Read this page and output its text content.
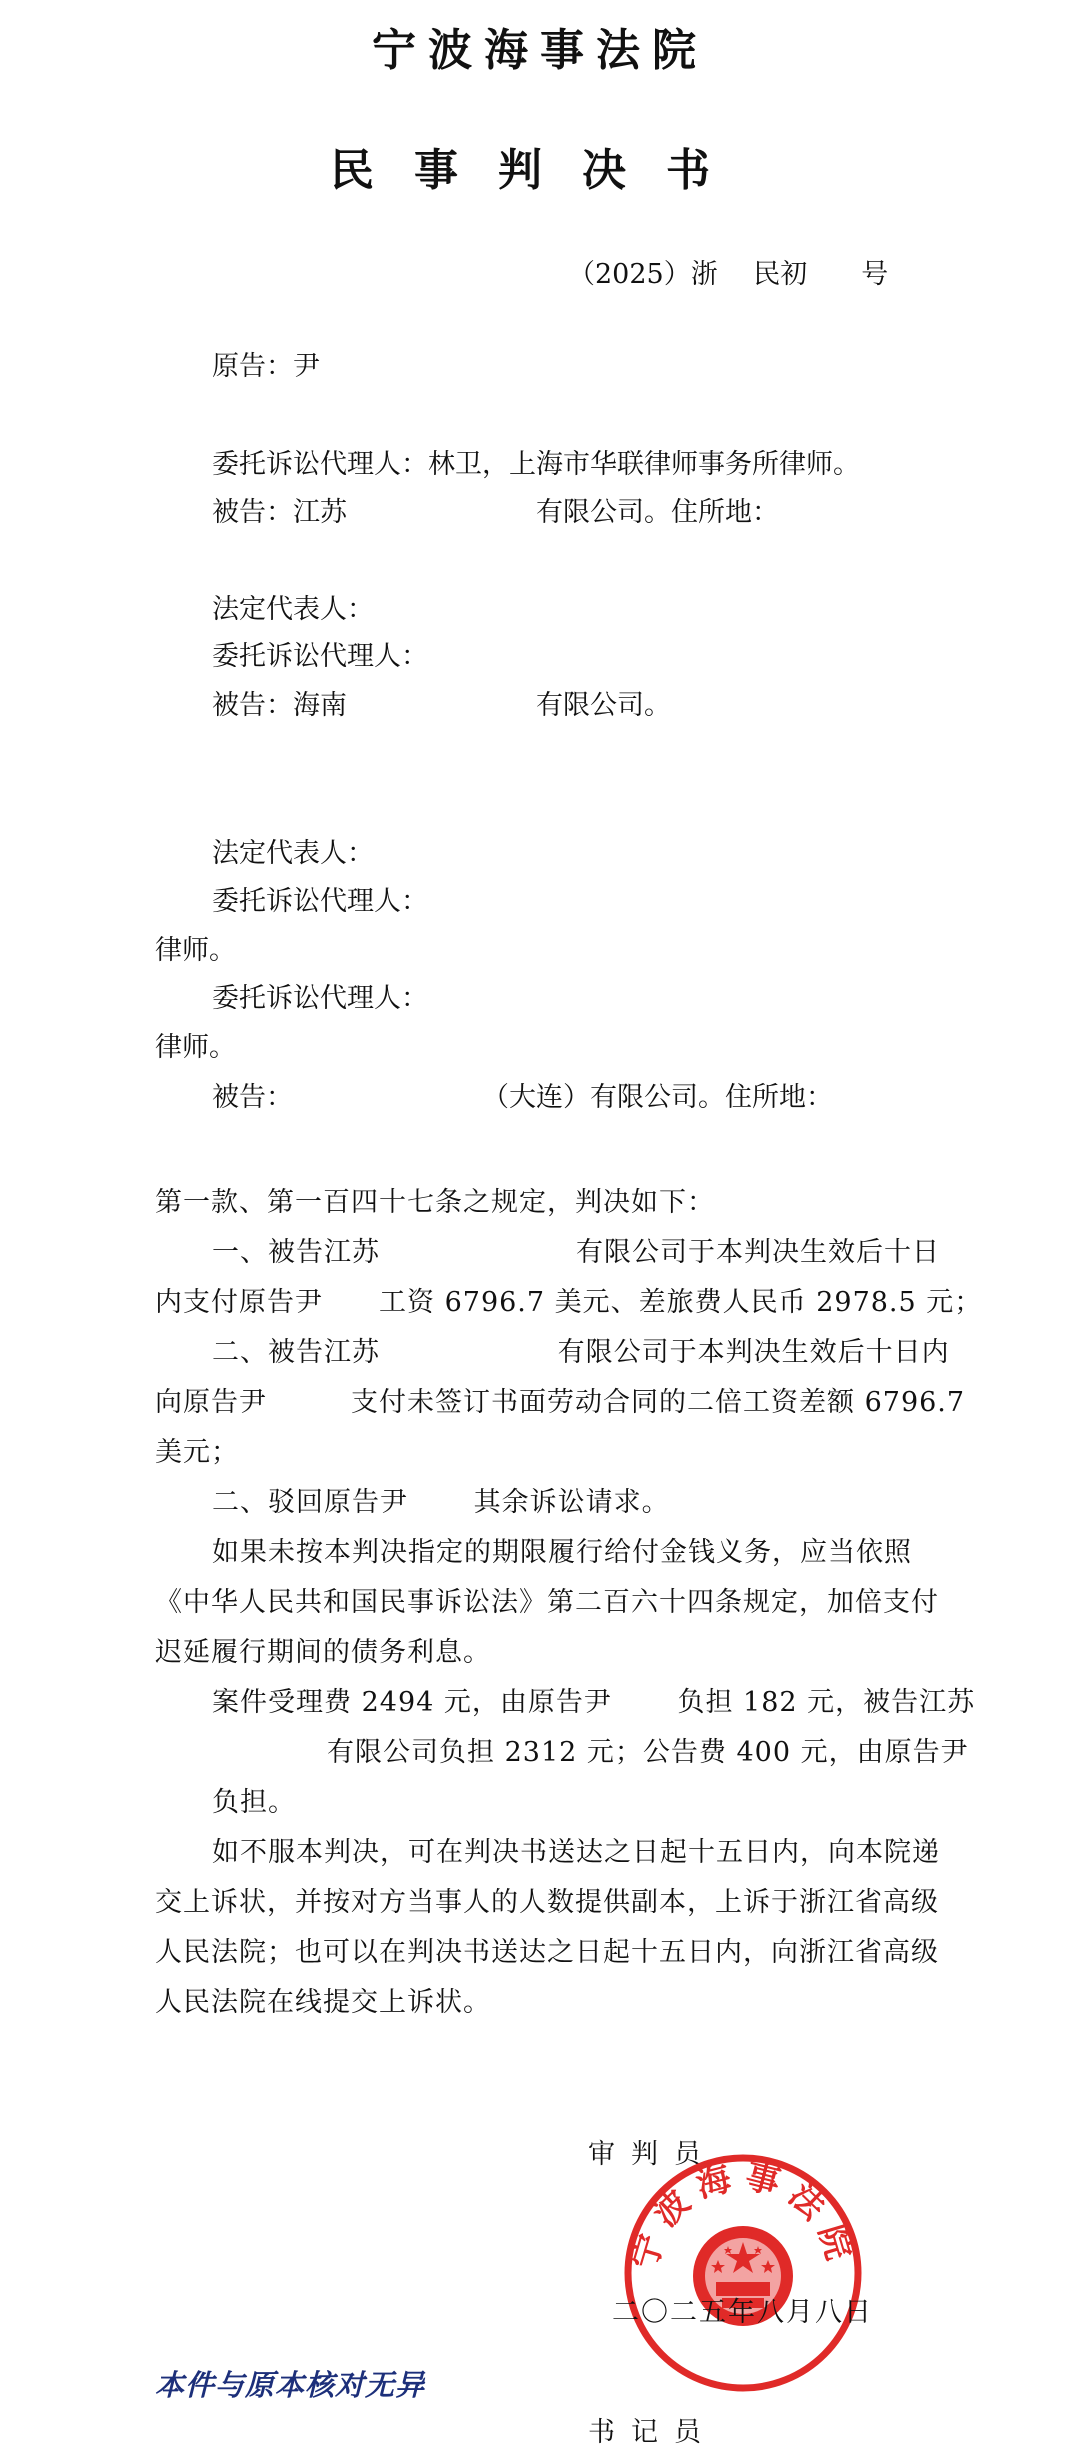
宁波海事法院
民事判决书
（2025）浙　 民初　　号
原告：尹
委托诉讼代理人：林卫，上海市华联律师事务所律师。
被告：江苏　　　　　　　有限公司。住所地：
法定代表人：
委托诉讼代理人：
被告：海南　　　　　　　有限公司。
法定代表人：
委托诉讼代理人：
律师。
委托诉讼代理人：
律师。
被告：　　　　　　　　（大连）有限公司。住所地：
第一款、第一百四十七条之规定，判决如下：
一、被告江苏　　　　　　　有限公司于本判决生效后十日
内支付原告尹　　工资 6796.7 美元、差旅费人民币 2978.5 元；
二、被告江苏　　　　　　 有限公司于本判决生效后十日内
向原告尹　　　支付未签订书面劳动合同的二倍工资差额 6796.7
美元；
二、驳回原告尹　　 其余诉讼请求。
如果未按本判决指定的期限履行给付金钱义务，应当依照
《中华人民共和国民事诉讼法》第二百六十四条规定，加倍支付
迟延履行期间的债务利息。
案件受理费 2494 元，由原告尹　　 负担 182 元，被告江苏
有限公司负担 2312 元；公告费 400 元，由原告尹
负担。
如不服本判决，可在判决书送达之日起十五日内，向本院递
交上诉状，并按对方当事人的人数提供副本，上诉于浙江省高级
人民法院；也可以在判决书送达之日起十五日内，向浙江省高级
人民法院在线提交上诉状。
审判员
宁波海事法院
二〇二五年八月八日
本件与原本核对无异
书记员
